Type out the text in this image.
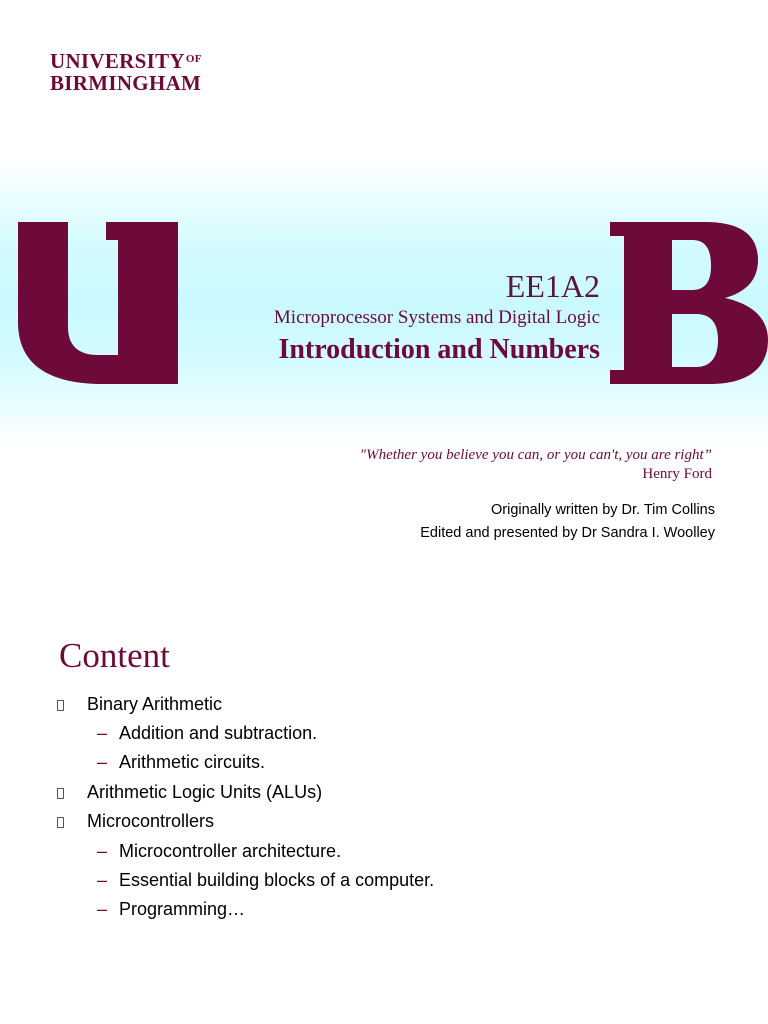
$UNIVERSITY^{OF}$
BIRMINGHAM
EE1A2
Microprocessor Systems and Digital Logic
Introduction and Numbers
"Whether you believe you can, or you can't, you are right”
Henry Ford
Originally written by Dr. Tim Collins
Edited and presented by Dr Sandra I. Woolley
Content
Binary Arithmetic
– Addition and subtraction.
– Arithmetic circuits.
Arithmetic Logic Units (ALUs)
Microcontrollers
– Microcontroller architecture.
– Essential building blocks of a computer.
– Programming…
